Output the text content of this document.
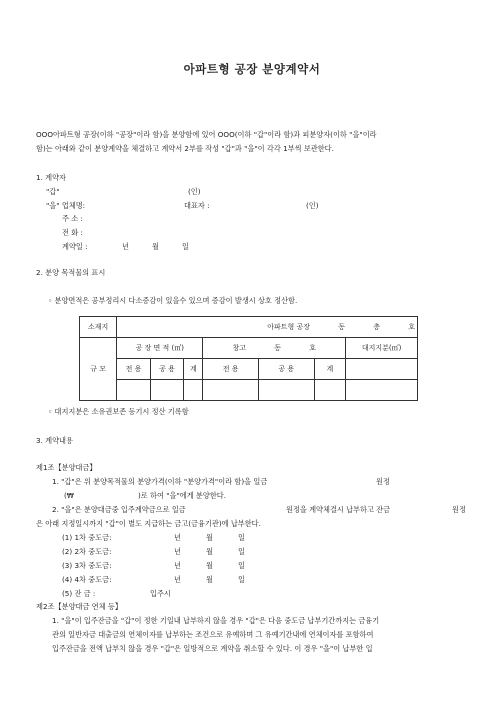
아파트형 공장 분양계약서
OOO아파트형 공장(이하 "공장"이라 함)을 분양함에 있어 OOO(이하 "갑"이라 함)과 피분양자(이하 "을"이라
함)는 아래와 같이 분양계약을 체결하고 계약서 2부를 작성 "갑"과 "을"이 각각 1부씩 보관한다.
1. 계약자
"갑"	(인)
"을" 업체명:	대표자 :	(인)
주 소 :
전 화 :
계약일 :	년	월	일
2. 분양 목적물의 표시
◦ 분양면적은 공부정리시 다소증감이 있을수 있으며 증감이 발생시 상호 정산함.
소재지	아파트형 공장 동 층 호						
규 모	공 장 면 적 (㎡)			창고 동 호			대지지분(㎡)
	전 용	공 용	계	전 용	공 용	계	

◦ 대지지분은 소유권보존 등기시 정산 기록함
3. 계약내용
제1조【분양대금】
1. "갑"은 위 분양목적물의 분양가격(이하 "분양가격"이라 함)을 일금	원정
(₩	)로 하여 "을"에게 분양한다.
2. "을"은 분양대금중 입주계약금으로 일금	원정을 계약체결시 납부하고 잔금	원정
은 아래 지정일시까지 "갑"이 별도 지급하는 금고(금융기관)에 납부한다.
(1) 1차 중도금:	년	월	일
(2) 2차 중도금:	년	월	일
(3) 3차 중도금:	년	월	일
(4) 4차 중도금:	년	월	일
(5) 잔 금 :	입주시
제2조【분양대금 연체 등】
1. "을"이 입주잔금을 "갑"이 정한 기일내 납부하지 않을 경우 "갑"은 다음 중도금 납부기간까지는 금융기
관의 일반자금 대출금의 연체이자를 납부하는 조건으로 유예하며 그 유예기간내에 연체이자를 포함하여
입주잔금을 전액 납부치 않을 경우 "갑"은 일방적으로 계약을 취소할 수 있다. 이 경우 "을"이 납부한 입
